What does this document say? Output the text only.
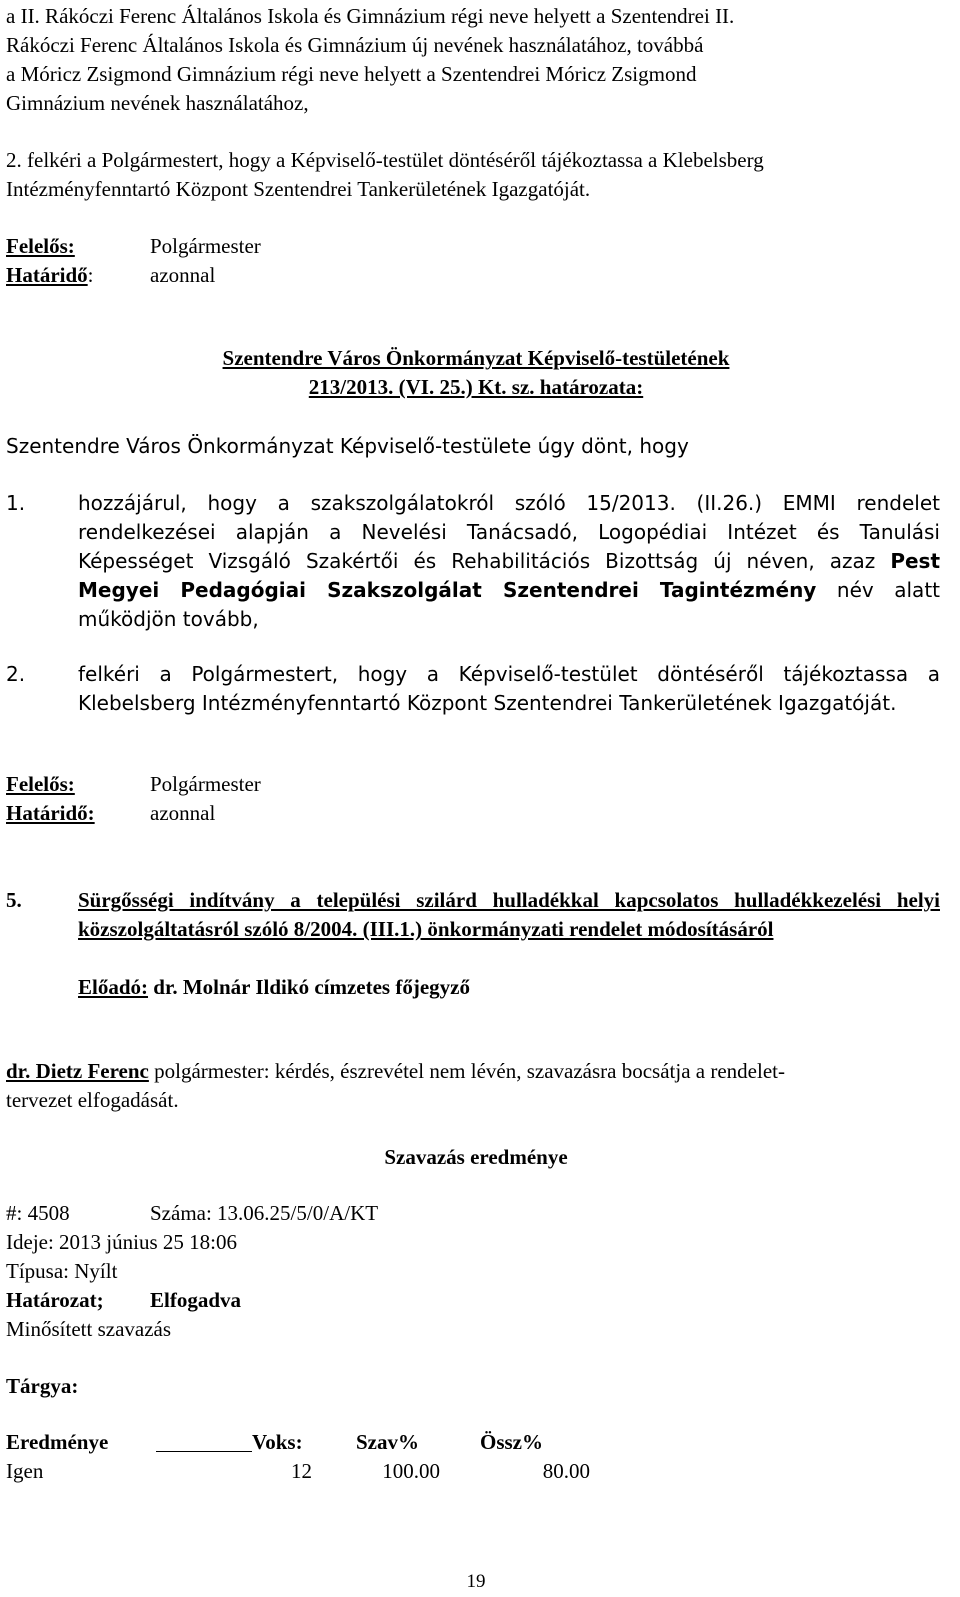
a II. Rákóczi Ferenc Általános Iskola és Gimnázium régi neve helyett a Szentendrei II.
Rákóczi Ferenc Általános Iskola és Gimnázium új nevének használatához, továbbá
a Móricz Zsigmond Gimnázium régi neve helyett a Szentendrei Móricz Zsigmond
Gimnázium nevének használatához,
2. felkéri a Polgármestert, hogy a Képviselő-testület döntéséről tájékoztassa a Klebelsberg Intézményfenntartó Központ Szentendrei Tankerületének Igazgatóját.
Felelős:	Polgármester
Határidő:	azonnal
Szentendre Város Önkormányzat Képviselő-testületének
213/2013. (VI. 25.) Kt. sz. határozata:
Szentendre Város Önkormányzat Képviselő-testülete úgy dönt, hogy
1.	hozzájárul, hogy a szakszolgálatokról szóló 15/2013. (II.26.) EMMI rendelet
rendelkezései alapján a Nevelési Tanácsadó, Logopédiai Intézet és Tanulási Képességet Vizsgáló Szakértői és Rehabilitációs Bizottság új néven, azaz Pest Megyei Pedagógiai Szakszolgálat Szentendrei Tagintézmény név alatt működjön tovább,
2.	felkéri a Polgármestert, hogy a Képviselő-testület döntéséről tájékoztassa a Klebelsberg Intézményfenntartó Központ Szentendrei Tankerületének Igazgatóját.
Felelős:	Polgármester
Határidő:	azonnal
5.	Sürgősségi indítvány a települési szilárd hulladékkal kapcsolatos hulladékkezelési helyi közszolgáltatásról szóló 8/2004. (III.1.) önkormányzati rendelet módosításáról
Előadó: dr. Molnár Ildikó címzetes főjegyző
dr. Dietz Ferenc polgármester: kérdés, észrevétel nem lévén, szavazásra bocsátja a rendelet-
tervezet elfogadását.
Szavazás eredménye
#: 4508	Száma: 13.06.25/5/0/A/KT
Ideje: 2013 június 25 18:06
Típusa: Nyílt
Határozat; Elfogadva
Minősített szavazás
Tárgya:
Eredménye	Voks:	Szav%	Össz%
Igen	12	100.00	80.00
19
